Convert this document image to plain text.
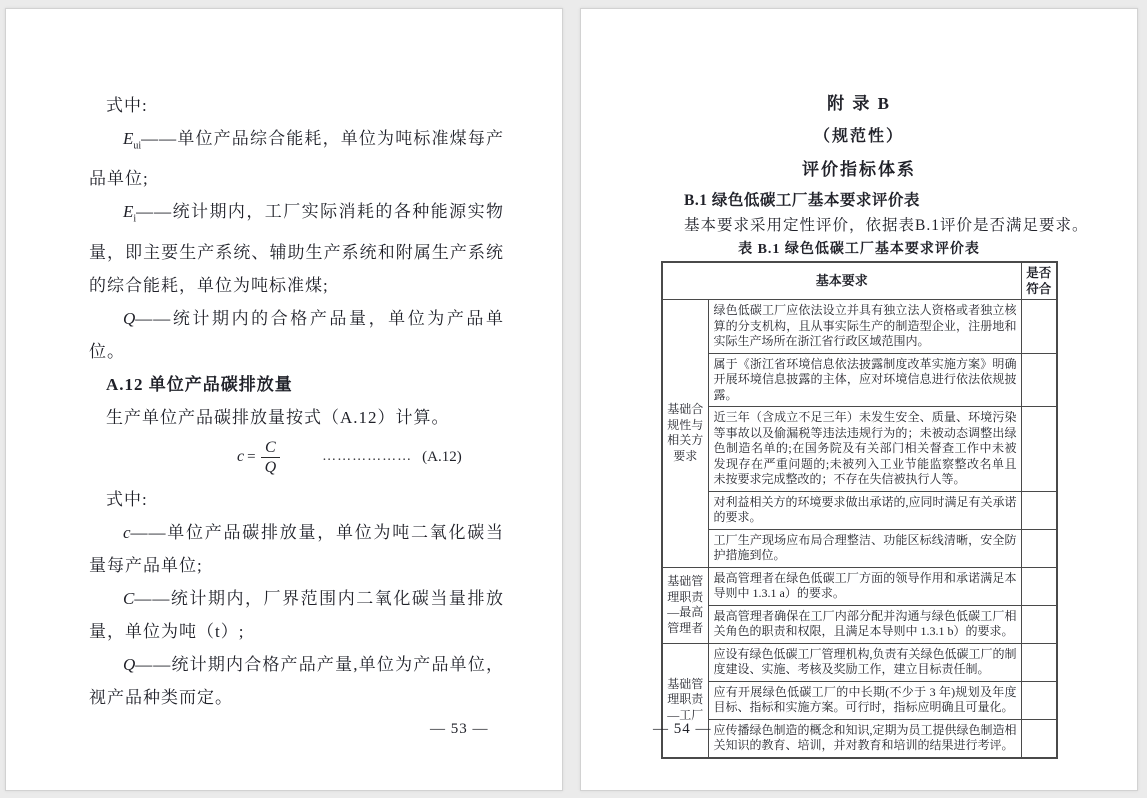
式中:

$E_{ui}——$单位产品综合能耗，单位为吨标准煤每产品单位;

$E_i——$统计期内，工厂实际消耗的各种能源实物量，即主要生产系统、辅助生产系统和附属生产系统的综合能耗，单位为吨标准煤;

Q——统计期内的合格产品量，单位为产品单位。

A.12 单位产品碳排放量

生产单位产品碳排放量按式（A.12）计算。

$c = \frac{C}{Q}$	……………… (A.12)

式中:

c——单位产品碳排放量，单位为吨二氧化碳当量每产品单位;

C——统计期内，厂界范围内二氧化碳当量排放量，单位为吨（t）;

Q——统计期内合格产品产量,单位为产品单位，视产品种类而定。

— 53 —
附 录 B
（规范性）
评价指标体系
B.1 绿色低碳工厂基本要求评价表
基本要求采用定性评价，依据表B.1评价是否满足要求。
表 B.1 绿色低碳工厂基本要求评价表
基本要求		是否符合
基础合规性与相关方要求	绿色低碳工厂应依法设立并具有独立法人资格或者独立核算的分支机构，且从事实际生产的制造型企业，注册地和实际生产场所在浙江省行政区域范围内。	
	属于《浙江省环境信息依法披露制度改革实施方案》明确开展环境信息披露的主体，应对环境信息进行依法依规披露。	
	近三年（含成立不足三年）未发生安全、质量、环境污染等事故以及偷漏税等违法违规行为的；未被动态调整出绿色制造名单的;在国务院及有关部门相关督查工作中未被发现存在严重问题的;未被列入工业节能监察整改名单且未按要求完成整改的；不存在失信被执行人等。	
	对利益相关方的环境要求做出承诺的,应同时满足有关承诺的要求。	
	工厂生产现场应布局合理整洁、功能区标线清晰，安全防护措施到位。	
基础管理职责—最高管理者	最高管理者在绿色低碳工厂方面的领导作用和承诺满足本导则中 1.3.1 a）的要求。	
	最高管理者确保在工厂内部分配并沟通与绿色低碳工厂相关角色的职责和权限，且满足本导则中 1.3.1 b）的要求。	
基础管理职责—工厂	应设有绿色低碳工厂管理机构,负责有关绿色低碳工厂的制度建设、实施、考核及奖励工作，建立目标责任制。	
	应有开展绿色低碳工厂的中长期(不少于 3 年)规划及年度目标、指标和实施方案。可行时，指标应明确且可量化。	
	应传播绿色制造的概念和知识,定期为员工提供绿色制造相关知识的教育、培训，并对教育和培训的结果进行考评。	
— 54 —
